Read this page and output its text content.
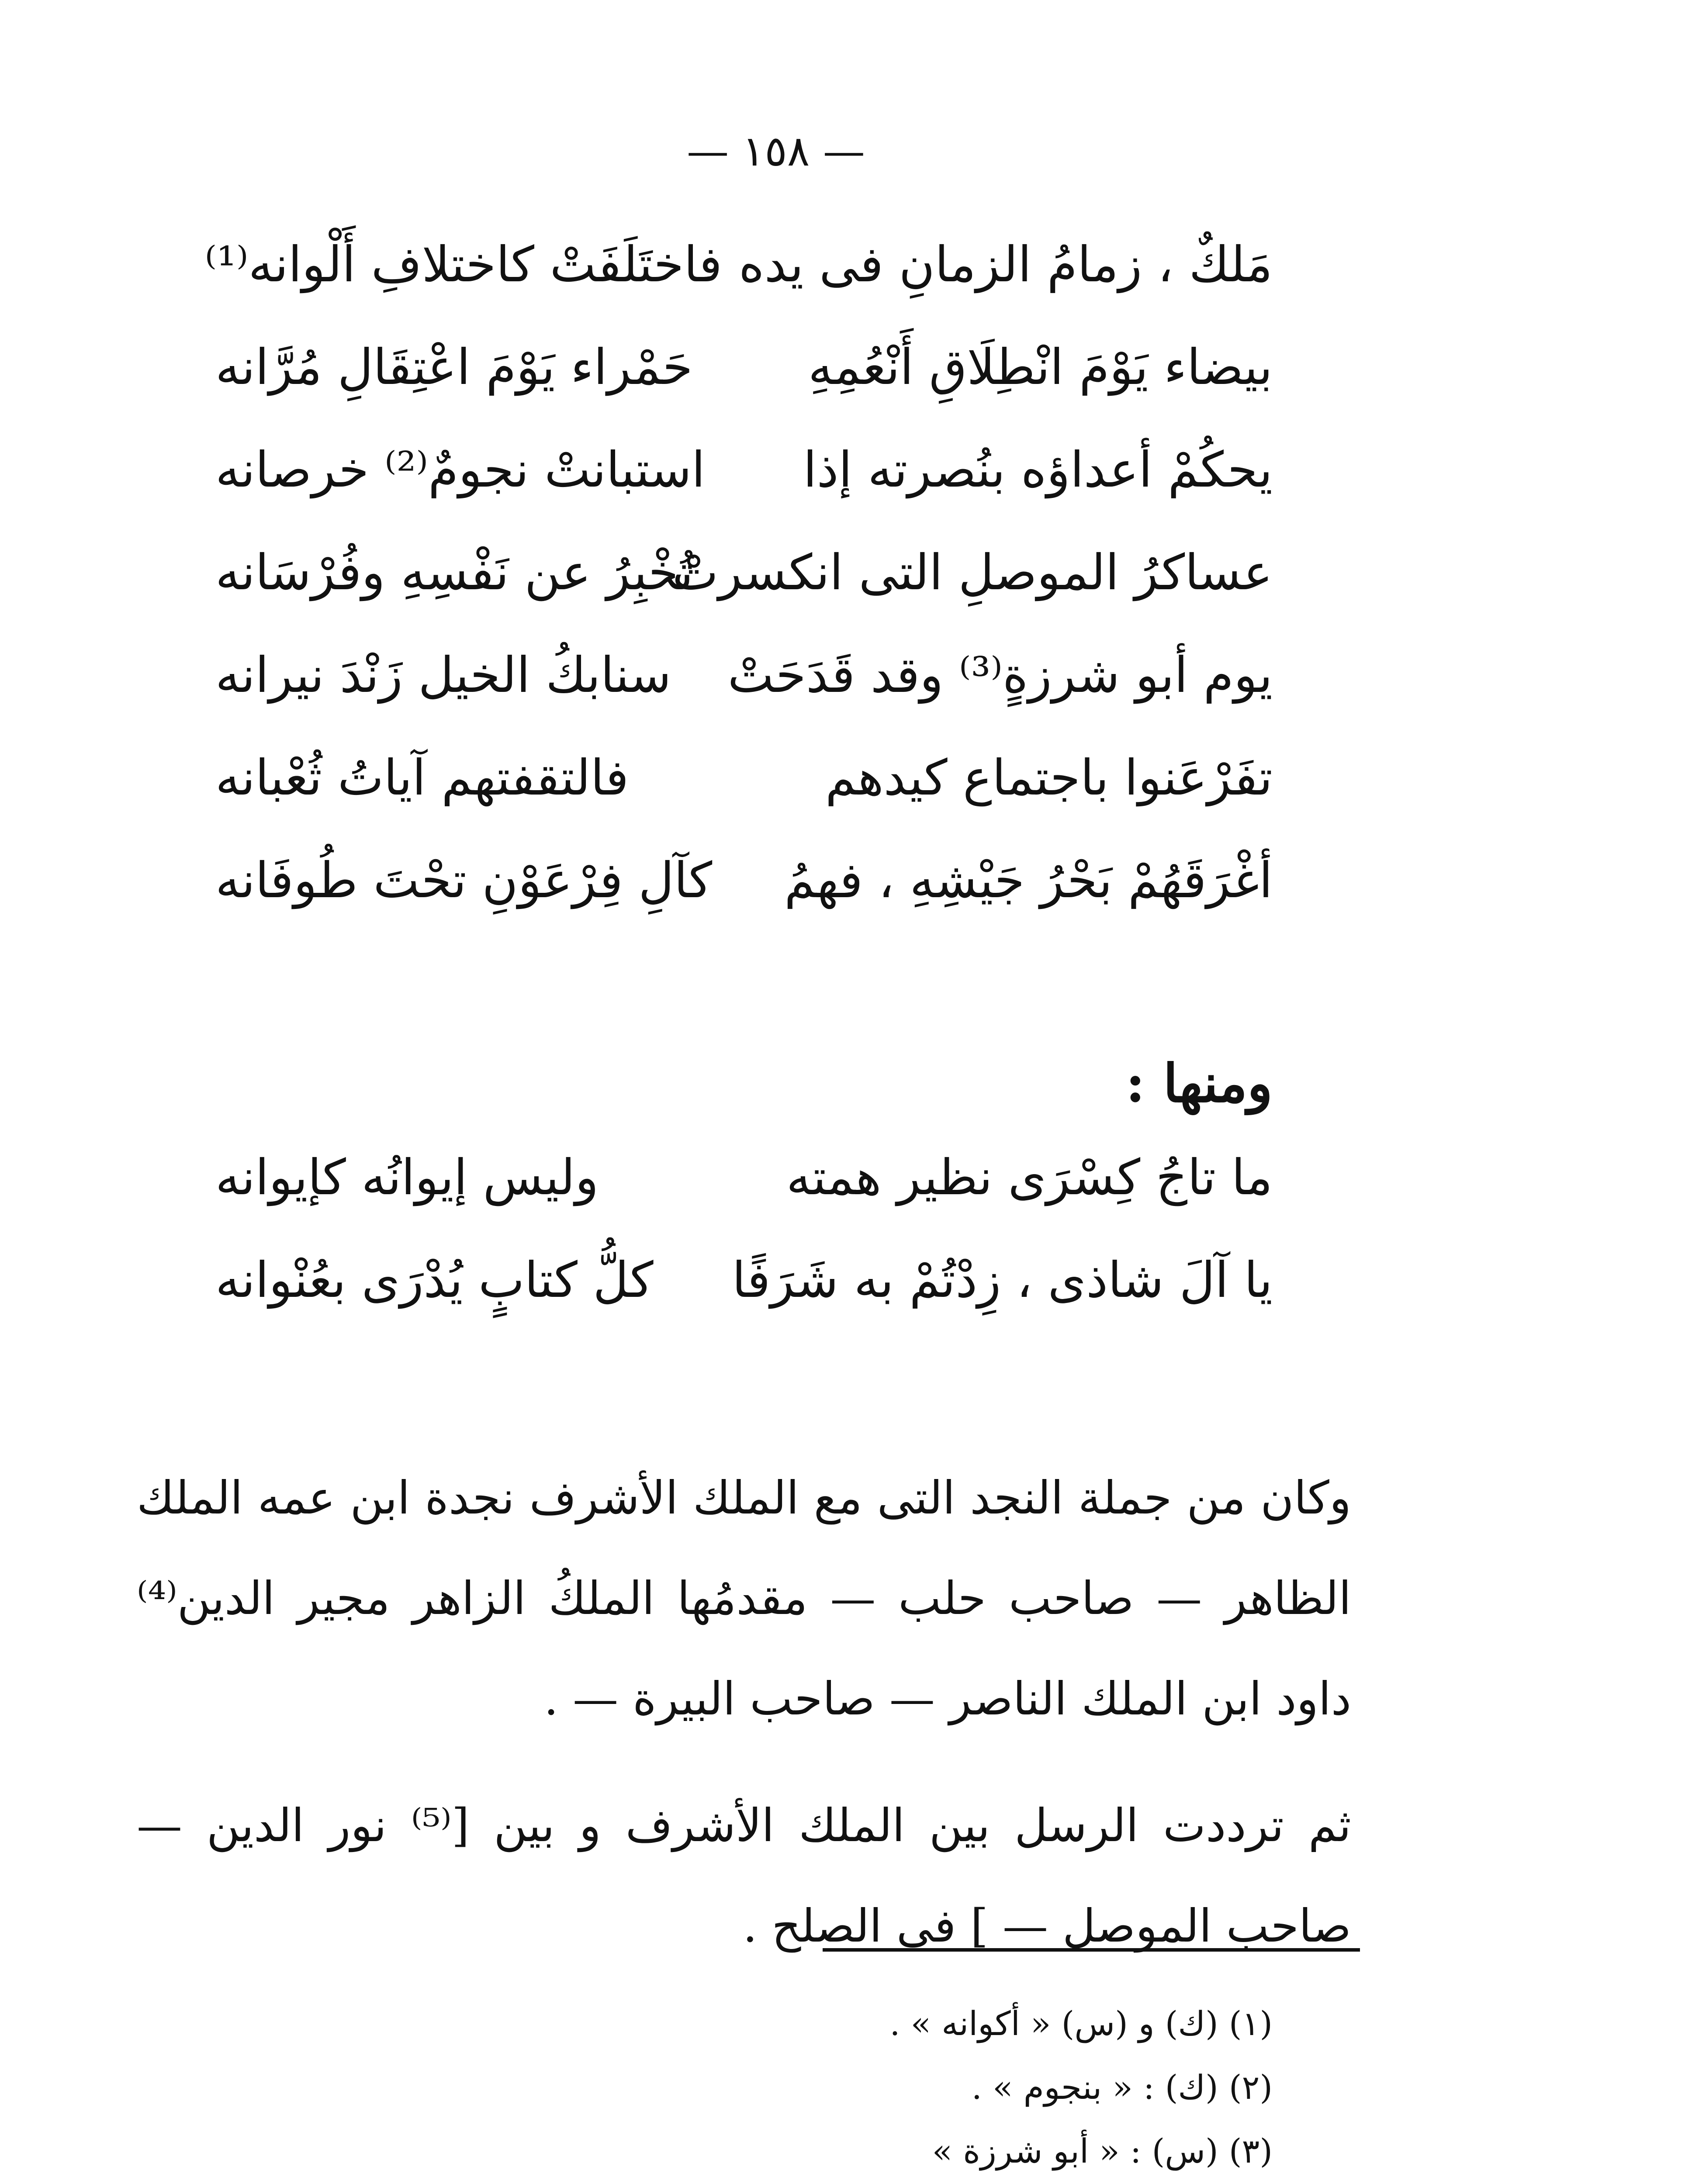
— ١٥٨ —
مَلكٌ ، زمامُ الزمانِ فى يده
فاختَلَفَتْ كاختلافِ أَلْوانه⁽¹⁾
بيضاء يَوْمَ انْطِلَاقِ أَنْعُمِهِ
حَمْراء يَوْمَ اعْتِقَالِ مُرَّانه
يحكُمْ أعداؤه بنُصرته إذا
استبانتْ نجومٌ⁽²⁾ خرصانه
عساكرُ الموصلِ التى انكسرتْ
تُخْبِرُ عن نَفْسِهِ وفُرْسَانه
يوم أبو شرزةٍ⁽³⁾ وقد قَدَحَتْ
سنابكُ الخيل زَنْدَ نيرانه
تفَرْعَنوا باجتماع كيدهم
فالتقفتهم آياتُ ثُعْبانه
أغْرَقَهُمْ بَحْرُ جَيْشِهِ ، فهمُ
كآلِ فِرْعَوْنِ تحْتَ طُوفَانه
ومنها :
ما تاجُ كِسْرَى نظير همته
وليس إيوانُه كإيوانه
يا آلَ شاذى ، زِدْتُمْ به شَرَفًا
كلُّ كتابٍ يُدْرَى بعُنْوانه

وكان من جملة النجد التى مع الملك الأشرف نجدة ابن عمه الملك الظاهر — صاحب حلب — مقدمُها الملكُ الزاهر مجير الدين⁽⁴⁾ داود ابن الملك الناصر — صاحب البيرة — .

ثم ترددت الرسل بين الملك الأشرف و بين [⁽⁵⁾ نور الدين — صاحب الموصل — ] فى الصلح .

(١) (ك) و (س) « أكوانه » .
(٢) (ك) : « بنجوم » .
(٣) (س) : « أبو شرزة »
